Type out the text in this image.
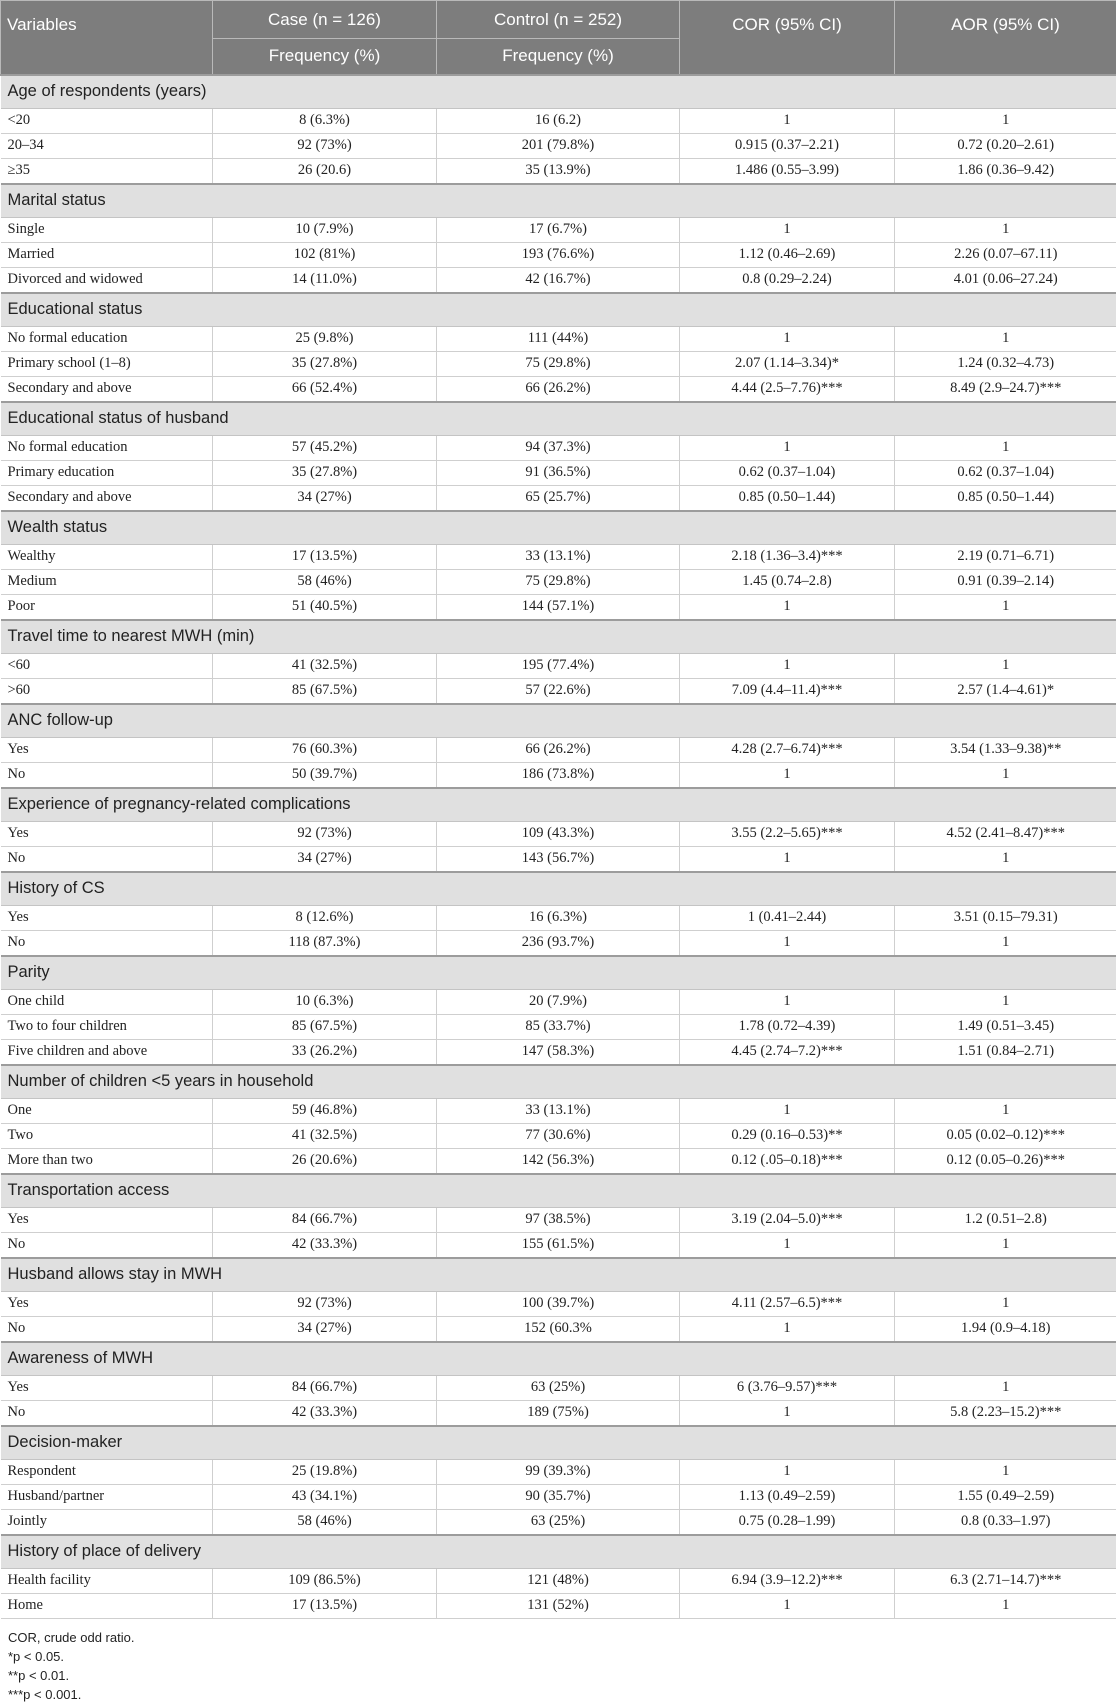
Variables	Case (n = 126)	Control (n = 252)	COR (95% CI)	AOR (95% CI)
	Frequency (%)	Frequency (%)		
Age of respondents (years)				
<20	8 (6.3%)	16 (6.2)	1	1
20–34	92 (73%)	201 (79.8%)	0.915 (0.37–2.21)	0.72 (0.20–2.61)
≥35	26 (20.6)	35 (13.9%)	1.486 (0.55–3.99)	1.86 (0.36–9.42)
Marital status				
Single	10 (7.9%)	17 (6.7%)	1	1
Married	102 (81%)	193 (76.6%)	1.12 (0.46–2.69)	2.26 (0.07–67.11)
Divorced and widowed	14 (11.0%)	42 (16.7%)	0.8 (0.29–2.24)	4.01 (0.06–27.24)
Educational status				
No formal education	25 (9.8%)	111 (44%)	1	1
Primary school (1–8)	35 (27.8%)	75 (29.8%)	2.07 (1.14–3.34)*	1.24 (0.32–4.73)
Secondary and above	66 (52.4%)	66 (26.2%)	4.44 (2.5–7.76)***	8.49 (2.9–24.7)***
Educational status of husband				
No formal education	57 (45.2%)	94 (37.3%)	1	1
Primary education	35 (27.8%)	91 (36.5%)	0.62 (0.37–1.04)	0.62 (0.37–1.04)
Secondary and above	34 (27%)	65 (25.7%)	0.85 (0.50–1.44)	0.85 (0.50–1.44)
Wealth status				
Wealthy	17 (13.5%)	33 (13.1%)	2.18 (1.36–3.4)***	2.19 (0.71–6.71)
Medium	58 (46%)	75 (29.8%)	1.45 (0.74–2.8)	0.91 (0.39–2.14)
Poor	51 (40.5%)	144 (57.1%)	1	1
Travel time to nearest MWH (min)				
<60	41 (32.5%)	195 (77.4%)	1	1
>60	85 (67.5%)	57 (22.6%)	7.09 (4.4–11.4)***	2.57 (1.4–4.61)*
ANC follow-up				
Yes	76 (60.3%)	66 (26.2%)	4.28 (2.7–6.74)***	3.54 (1.33–9.38)**
No	50 (39.7%)	186 (73.8%)	1	1
Experience of pregnancy-related complications				
Yes	92 (73%)	109 (43.3%)	3.55 (2.2–5.65)***	4.52 (2.41–8.47)***
No	34 (27%)	143 (56.7%)	1	1
History of CS				
Yes	8 (12.6%)	16 (6.3%)	1 (0.41–2.44)	3.51 (0.15–79.31)
No	118 (87.3%)	236 (93.7%)	1	1
Parity				
One child	10 (6.3%)	20 (7.9%)	1	1
Two to four children	85 (67.5%)	85 (33.7%)	1.78 (0.72–4.39)	1.49 (0.51–3.45)
Five children and above	33 (26.2%)	147 (58.3%)	4.45 (2.74–7.2)***	1.51 (0.84–2.71)
Number of children <5 years in household				
One	59 (46.8%)	33 (13.1%)	1	1
Two	41 (32.5%)	77 (30.6%)	0.29 (0.16–0.53)**	0.05 (0.02–0.12)***
More than two	26 (20.6%)	142 (56.3%)	0.12 (.05–0.18)***	0.12 (0.05–0.26)***
Transportation access				
Yes	84 (66.7%)	97 (38.5%)	3.19 (2.04–5.0)***	1.2 (0.51–2.8)
No	42 (33.3%)	155 (61.5%)	1	1
Husband allows stay in MWH				
Yes	92 (73%)	100 (39.7%)	4.11 (2.57–6.5)***	1
No	34 (27%)	152 (60.3%	1	1.94 (0.9–4.18)
Awareness of MWH				
Yes	84 (66.7%)	63 (25%)	6 (3.76–9.57)***	1
No	42 (33.3%)	189 (75%)	1	5.8 (2.23–15.2)***
Decision-maker				
Respondent	25 (19.8%)	99 (39.3%)	1	1
Husband/partner	43 (34.1%)	90 (35.7%)	1.13 (0.49–2.59)	1.55 (0.49–2.59)
Jointly	58 (46%)	63 (25%)	0.75 (0.28–1.99)	0.8 (0.33–1.97)
History of place of delivery				
Health facility	109 (86.5%)	121 (48%)	6.94 (3.9–12.2)***	6.3 (2.71–14.7)***
Home	17 (13.5%)	131 (52%)	1	1
COR, crude odd ratio.
*p < 0.05.
**p < 0.01.
***p < 0.001.
